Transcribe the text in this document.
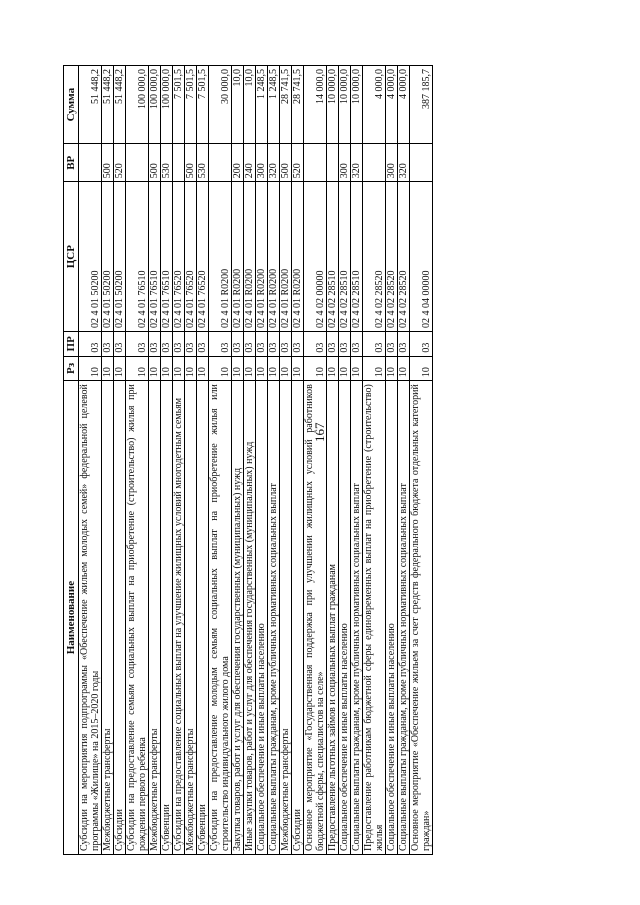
167
Наименование	Рз	ПР	ЦСР	ВР	Сумма
Субсидии на мероприятия подпрограммы «Обеспечение жильем молодых семей» федеральной целевой программы «Жилище» на 2015–2020 годы	10	03	02 4 01 50200		51 448,2
Межбюджетные трансферты	10	03	02 4 01 50200	500	51 448,2
Субсидии	10	03	02 4 01 50200	520	51 448,2
Субсидии на предоставление семьям социальных выплат на приобретение (строительство) жилья при рождении первого ребенка	10	03	02 4 01 76510		100 000,0
Межбюджетные трансферты	10	03	02 4 01 76510	500	100 000,0
Субвенции	10	03	02 4 01 76510	530	100 000,0
Субсидии на предоставление социальных выплат на улучшение жилищных условий многодетным семьям	10	03	02 4 01 76520		7 501,5
Межбюджетные трансферты	10	03	02 4 01 76520	500	7 501,5
Субвенции	10	03	02 4 01 76520	530	7 501,5
Субсидии на предоставление молодым семьям социальных выплат на приобретение жилья или строительство индивидуального жилого дома	10	03	02 4 01 R0200		30 000,0
Закупка товаров, работ и услуг для обеспечения государственных (муниципальных) нужд	10	03	02 4 01 R0200	200	10,0
Иные закупки товаров, работ и услуг для обеспечения государственных (муниципальных) нужд	10	03	02 4 01 R0200	240	10,0
Социальное обеспечение и иные выплаты населению	10	03	02 4 01 R0200	300	1 248,5
Социальные выплаты гражданам, кроме публичных нормативных социальных выплат	10	03	02 4 01 R0200	320	1 248,5
Межбюджетные трансферты	10	03	02 4 01 R0200	500	28 741,5
Субсидии	10	03	02 4 01 R0200	520	28 741,5
Основное мероприятие «Государственная поддержка при улучшении жилищных условий работников бюджетной сферы, специалистов на селе»	10	03	02 4 02 00000		14 000,0
Предоставление льготных займов и социальных выплат гражданам	10	03	02 4 02 28510		10 000,0
Социальное обеспечение и иные выплаты населению	10	03	02 4 02 28510	300	10 000,0
Социальные выплаты гражданам, кроме публичных нормативных социальных выплат	10	03	02 4 02 28510	320	10 000,0
Предоставление работникам бюджетной сферы единовременных выплат на приобретение (строительство) жилья	10	03	02 4 02 28520		4 000,0
Социальное обеспечение и иные выплаты населению	10	03	02 4 02 28520	300	4 000,0
Социальные выплаты гражданам, кроме публичных нормативных социальных выплат	10	03	02 4 02 28520	320	4 000,0
Основное мероприятие «Обеспечение жильем за счет средств федерального бюджета отдельных категорий граждан»	10	03	02 4 04 00000		387 185,7
